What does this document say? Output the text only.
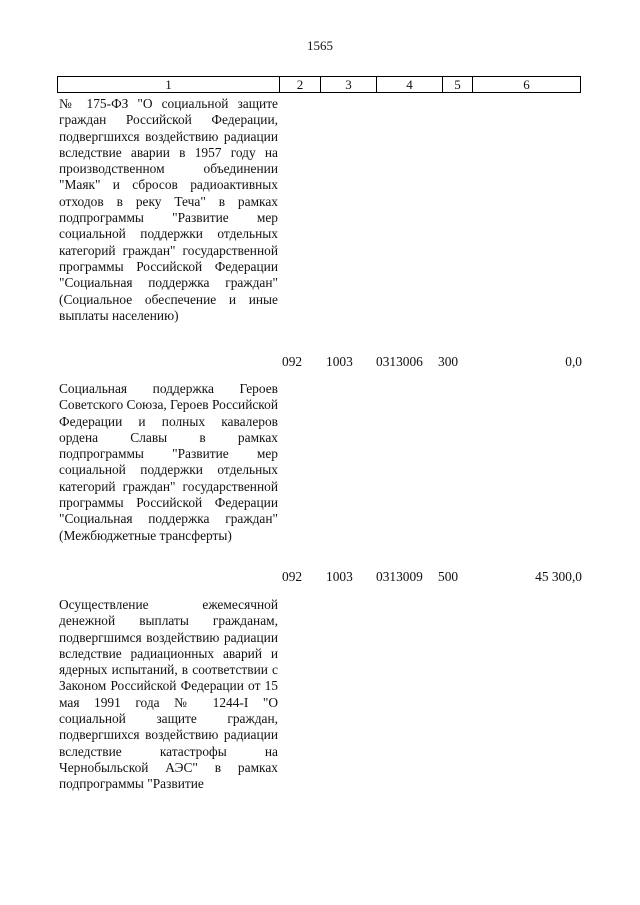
1565
1	2	3	4	5	6
№ 175-ФЗ "О социальной защите граждан Российской Федерации, подвергшихся воздействию радиации вследствие аварии в 1957 году на производственном объединении "Маяк" и сбросов радиоактивных отходов в реку Теча" в рамках подпрограммы "Развитие мер социальной поддержки отдельных категорий граждан" государственной программы Российской Федерации "Социальная поддержка граждан" (Социальное обеспечение и иные выплаты населению)
092 1003 0313006 300	0,0
Социальная поддержка Героев Советского Союза, Героев Российской Федерации и полных кавалеров ордена Славы в рамках подпрограммы "Развитие мер социальной поддержки отдельных категорий граждан" государственной программы Российской Федерации "Социальная поддержка граждан" (Межбюджетные трансферты)
092 1003 0313009 500	45 300,0
Осуществление ежемесячной денежной выплаты гражданам, подвергшимся воздействию радиации вследствие радиационных аварий и ядерных испытаний, в соответствии с Законом Российской Федерации от 15 мая 1991 года № 1244-I "О социальной защите граждан, подвергшихся воздействию радиации вследствие катастрофы на Чернобыльской АЭС" в рамках подпрограммы "Развитие
